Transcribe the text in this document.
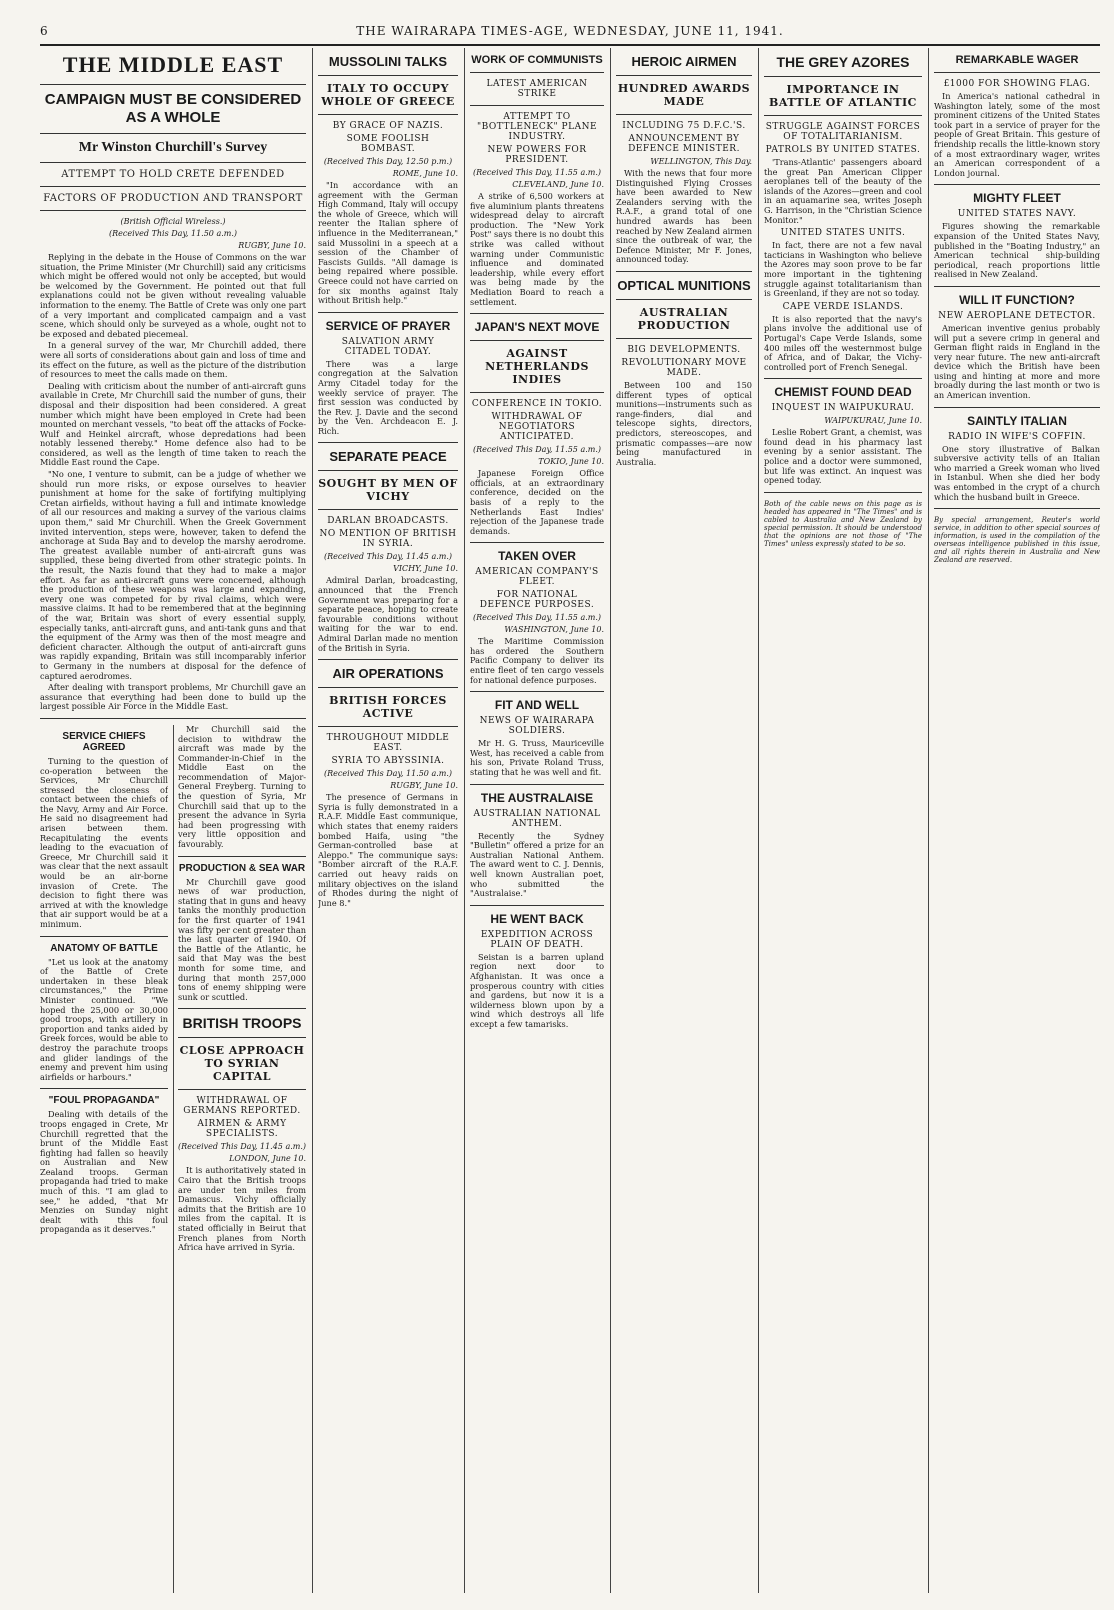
6	THE WAIRARAPA TIMES-AGE, WEDNESDAY, JUNE 11, 1941.
THE MIDDLE EAST
CAMPAIGN MUST BE CONSIDERED AS A WHOLE
Mr Winston Churchill's Survey
ATTEMPT TO HOLD CRETE DEFENDED
FACTORS OF PRODUCTION AND TRANSPORT
(British Official Wireless.)
(Received This Day, 11.50 a.m.)
RUGBY, June 10.

Replying in the debate in the House of Commons on the war situation, the Prime Minister (Mr Churchill) said any criticisms which might be offered would not only be accepted, but would be welcomed by the Government. He pointed out that full explanations could not be given without revealing valuable information to the enemy. The Battle of Crete was only one part of a very important and complicated campaign and a vast scene, which should only be surveyed as a whole, ought not to be exposed and debated piecemeal.

In a general survey of the war, Mr Churchill added, there were all sorts of considerations about gain and loss of time and its effect on the future, as well as the picture of the distribution of resources to meet the calls made on them.

Dealing with criticism about the number of anti-aircraft guns available in Crete, Mr Churchill said the number of guns, their disposal and their disposition had been considered. A great number which might have been employed in Crete had been mounted on merchant vessels, "to beat off the attacks of Focke-Wulf and Heinkel aircraft, whose depredations had been notably lessened thereby." Home defence also had to be considered, as well as the length of time taken to reach the Middle East round the Cape.

"No one, I venture to submit, can be a judge of whether we should run more risks, or expose ourselves to heavier punishment at home for the sake of fortifying multiplying Cretan airfields, without having a full and intimate knowledge of all our resources and making a survey of the various claims upon them," said Mr Churchill. When the Greek Government invited intervention, steps were, however, taken to defend the anchorage at Suda Bay and to develop the marshy aerodrome. The greatest available number of anti-aircraft guns was supplied, these being diverted from other strategic points. In the result, the Nazis found that they had to make a major effort. As far as anti-aircraft guns were concerned, although the production of these weapons was large and expanding, every one was competed for by rival claims, which were massive claims. It had to be remembered that at the beginning of the war, Britain was short of every essential supply, especially tanks, anti-aircraft guns, and anti-tank guns and that the equipment of the Army was then of the most meagre and deficient character. Although the output of anti-aircraft guns was rapidly expanding, Britain was still incomparably inferior to Germany in the numbers at disposal for the defence of captured aerodromes.

After dealing with transport problems, Mr Churchill gave an assurance that everything had been done to build up the largest possible Air Force in the Middle East.

SERVICE CHIEFS AGREED

Turning to the question of co-operation between the Services, Mr Churchill stressed the closeness of contact between the chiefs of the Navy, Army and Air Force. He said no disagreement had arisen between them. Recapitulating the events leading to the evacuation of Greece, Mr Churchill said it was clear that the next assault would be an air-borne invasion of Crete. The decision to fight there was arrived at with the knowledge that air support would be at a minimum.

ANATOMY OF BATTLE

"Let us look at the anatomy of the Battle of Crete undertaken in these bleak circumstances," the Prime Minister continued. "We hoped the 25,000 or 30,000 good troops, with artillery in proportion and tanks aided by Greek forces, would be able to destroy the parachute troops and glider landings of the enemy and prevent him using airfields or harbours."

"FOUL PROPAGANDA"

Dealing with details of the troops engaged in Crete, Mr Churchill regretted that the brunt of the Middle East fighting had fallen so heavily on Australian and New Zealand troops. German propaganda had tried to make much of this. "I am glad to see," he added, "that Mr Menzies on Sunday night dealt with this foul propaganda as it deserves."

Mr Churchill said the decision to withdraw the aircraft was made by the Commander-in-Chief in the Middle East on the recommendation of Major-General Freyberg. Turning to the question of Syria, Mr Churchill said that up to the present the advance in Syria had been progressing with very little opposition and favourably.

PRODUCTION & SEA WAR

Mr Churchill gave good news of war production, stating that in guns and heavy tanks the monthly production for the first quarter of 1941 was fifty per cent greater than the last quarter of 1940. Of the Battle of the Atlantic, he said that May was the best month for some time, and during that month 257,000 tons of enemy shipping were sunk or scuttled.

BRITISH TROOPS
CLOSE APPROACH TO SYRIAN CAPITAL
WITHDRAWAL OF GERMANS REPORTED.
AIRMEN & ARMY SPECIALISTS.
(Received This Day, 11.45 a.m.)
LONDON, June 10.

It is authoritatively stated in Cairo that the British troops are under ten miles from Damascus. Vichy officially admits that the British are 10 miles from the capital. It is stated officially in Beirut that French planes from North Africa have arrived in Syria.

MUSSOLINI TALKS
ITALY TO OCCUPY WHOLE OF GREECE
BY GRACE OF NAZIS.
SOME FOOLISH BOMBAST.
(Received This Day, 12.50 p.m.)
ROME, June 10.

"In accordance with an agreement with the German High Command, Italy will occupy the whole of Greece, which will reenter the Italian sphere of influence in the Mediterranean," said Mussolini in a speech at a session of the Chamber of Fascists Guilds. "All damage is being repaired where possible. Greece could not have carried on for six months against Italy without British help."

SERVICE OF PRAYER
SALVATION ARMY CITADEL TODAY.

There was a large congregation at the Salvation Army Citadel today for the weekly service of prayer. The first session was conducted by the Rev. J. Davie and the second by the Ven. Archdeacon E. J. Rich.

SEPARATE PEACE
SOUGHT BY MEN OF VICHY
DARLAN BROADCASTS.
NO MENTION OF BRITISH IN SYRIA.
(Received This Day, 11.45 a.m.)
VICHY, June 10.

Admiral Darlan, broadcasting, announced that the French Government was preparing for a separate peace, hoping to create favourable conditions without waiting for the war to end. Admiral Darlan made no mention of the British in Syria.

AIR OPERATIONS
BRITISH FORCES ACTIVE
THROUGHOUT MIDDLE EAST.
SYRIA TO ABYSSINIA.
(Received This Day, 11.50 a.m.)
RUGBY, June 10.

The presence of Germans in Syria is fully demonstrated in a R.A.F. Middle East communique, which states that enemy raiders bombed Haifa, using "the German-controlled base at Aleppo." The communique says: "Bomber aircraft of the R.A.F. carried out heavy raids on military objectives on the island of Rhodes during the night of June 8."

WORK OF COMMUNISTS
LATEST AMERICAN STRIKE
ATTEMPT TO "BOTTLENECK" PLANE INDUSTRY.
NEW POWERS FOR PRESIDENT.
(Received This Day, 11.55 a.m.)
CLEVELAND, June 10.

A strike of 6,500 workers at five aluminium plants threatens widespread delay to aircraft production. The "New York Post" says there is no doubt this strike was called without warning under Communistic influence and dominated leadership, while every effort was being made by the Mediation Board to reach a settlement.

JAPAN'S NEXT MOVE
AGAINST NETHERLANDS INDIES
CONFERENCE IN TOKIO.
WITHDRAWAL OF NEGOTIATORS ANTICIPATED.
(Received This Day, 11.55 a.m.)
TOKIO, June 10.

Japanese Foreign Office officials, at an extraordinary conference, decided on the basis of a reply to the Netherlands East Indies' rejection of the Japanese trade demands.

TAKEN OVER
AMERICAN COMPANY'S FLEET.
FOR NATIONAL DEFENCE PURPOSES.
(Received This Day, 11.55 a.m.)
WASHINGTON, June 10.

The Maritime Commission has ordered the Southern Pacific Company to deliver its entire fleet of ten cargo vessels for national defence purposes.

FIT AND WELL
NEWS OF WAIRARAPA SOLDIERS.

Mr H. G. Truss, Mauriceville West, has received a cable from his son, Private Roland Truss, stating that he was well and fit.

THE AUSTRALAISE
AUSTRALIAN NATIONAL ANTHEM.

Recently the Sydney "Bulletin" offered a prize for an Australian National Anthem. The award went to C. J. Dennis, well known Australian poet, who submitted the "Australaise."

HE WENT BACK
EXPEDITION ACROSS PLAIN OF DEATH.

Seistan is a barren upland region next door to Afghanistan. It was once a prosperous country with cities and gardens, but now it is a wilderness blown upon by a wind which destroys all life except a few tamarisks.

HEROIC AIRMEN
HUNDRED AWARDS MADE
INCLUDING 75 D.F.C.'S.
ANNOUNCEMENT BY DEFENCE MINISTER.
WELLINGTON, This Day.

With the news that four more Distinguished Flying Crosses have been awarded to New Zealanders serving with the R.A.F., a grand total of one hundred awards has been reached by New Zealand airmen since the outbreak of war, the Defence Minister, Mr F. Jones, announced today.

OPTICAL MUNITIONS
AUSTRALIAN PRODUCTION
BIG DEVELOPMENTS.
REVOLUTIONARY MOVE MADE.

Between 100 and 150 different types of optical munitions—instruments such as range-finders, dial and telescope sights, directors, predictors, stereoscopes, and prismatic compasses—are now being manufactured in Australia.

THE GREY AZORES
IMPORTANCE IN BATTLE OF ATLANTIC
STRUGGLE AGAINST FORCES OF TOTALITARIANISM.
PATROLS BY UNITED STATES.

'Trans-Atlantic' passengers aboard the great Pan American Clipper aeroplanes tell of the beauty of the islands of the Azores—green and cool in an aquamarine sea, writes Joseph G. Harrison, in the "Christian Science Monitor."

UNITED STATES UNITS.

In fact, there are not a few naval tacticians in Washington who believe the Azores may soon prove to be far more important in the tightening struggle against totalitarianism than is Greenland, if they are not so today.

CAPE VERDE ISLANDS.

It is also reported that the navy's plans involve the additional use of Portugal's Cape Verde Islands, some 400 miles off the westernmost bulge of Africa, and of Dakar, the Vichy-controlled port of French Senegal.

CHEMIST FOUND DEAD
INQUEST IN WAIPUKURAU.
WAIPUKURAU, June 10.

Leslie Robert Grant, a chemist, was found dead in his pharmacy last evening by a senior assistant. The police and a doctor were summoned, but life was extinct. An inquest was opened today.

Both of the cable news on this page as is headed has appeared in "The Times" and is cabled to Australia and New Zealand by special permission. It should be understood that the opinions are not those of "The Times" unless expressly stated to be so.

REMARKABLE WAGER
£1000 FOR SHOWING FLAG.

In America's national cathedral in Washington lately, some of the most prominent citizens of the United States took part in a service of prayer for the people of Great Britain. This gesture of friendship recalls the little-known story of a most extraordinary wager, writes an American correspondent of a London journal.

MIGHTY FLEET
UNITED STATES NAVY.

Figures showing the remarkable expansion of the United States Navy, published in the "Boating Industry," an American technical ship-building periodical, reach proportions little realised in New Zealand.

WILL IT FUNCTION?
NEW AEROPLANE DETECTOR.

American inventive genius probably will put a severe crimp in general and German flight raids in England in the very near future. The new anti-aircraft device which the British have been using and hinting at more and more broadly during the last month or two is an American invention.

SAINTLY ITALIAN
RADIO IN WIFE'S COFFIN.

One story illustrative of Balkan subversive activity tells of an Italian who married a Greek woman who lived in Istanbul. When she died her body was entombed in the crypt of a church which the husband built in Greece.

By special arrangement, Reuter's world service, in addition to other special sources of information, is used in the compilation of the overseas intelligence published in this issue, and all rights therein in Australia and New Zealand are reserved.
